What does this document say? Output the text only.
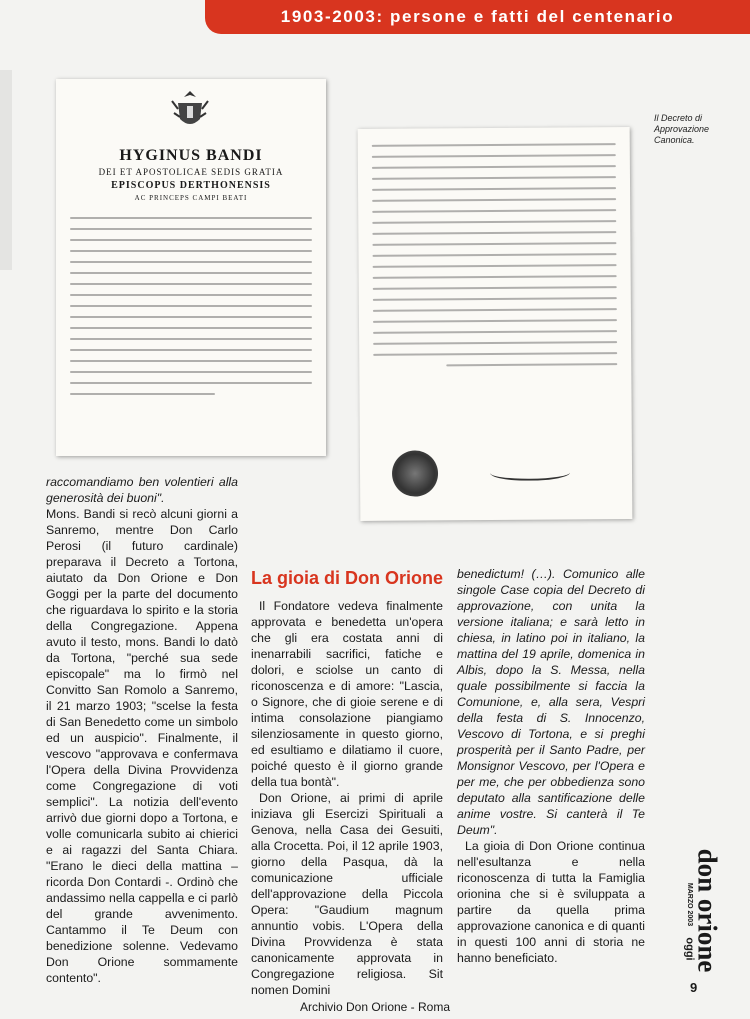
1903-2003: persone e fatti del centenario
HYGINUS BANDI
DEI ET APOSTOLICAE SEDIS GRATIA
EPISCOPUS DERTHONENSIS
AC PRINCEPS CAMPI BEATI
Il Decreto di Approvazione Canonica.

raccomandiamo ben volentieri alla generosità dei buoni".

Mons. Bandi si recò alcuni giorni a Sanremo, mentre Don Carlo Perosi (il futuro cardinale) preparava il Decreto a Tortona, aiutato da Don Orione e Don Goggi per la parte del documento che riguardava lo spirito e la storia della Congregazione. Appena avuto il testo, mons. Bandi lo datò da Tortona, "perché sua sede episcopale" ma lo firmò nel Convitto San Romolo a Sanremo, il 21 marzo 1903; "scelse la festa di San Benedetto come un simbolo ed un auspicio". Finalmente, il vescovo "approvava e confermava l'Opera della Divina Provvidenza come Congregazione di voti semplici". La notizia dell'evento arrivò due giorni dopo a Tortona, e volle comunicarla subito ai chierici e ai ragazzi del Santa Chiara. "Erano le dieci della mattina – ricorda Don Contardi -. Ordinò che andassimo nella cappella e ci parlò del grande avvenimento. Cantammo il Te Deum con benedizione solenne. Vedevamo Don Orione sommamente contento".

La gioia di Don Orione

Il Fondatore vedeva finalmente approvata e benedetta un'opera che gli era costata anni di inenarrabili sacrifici, fatiche e dolori, e sciolse un canto di riconoscenza e di amore: "Lascia, o Signore, che di gioie serene e di intima consolazione piangiamo silenziosamente in questo giorno, ed esultiamo e dilatiamo il cuore, poiché questo è il giorno grande della tua bontà".

Don Orione, ai primi di aprile iniziava gli Esercizi Spirituali a Genova, nella Casa dei Gesuiti, alla Crocetta. Poi, il 12 aprile 1903, giorno della Pasqua, dà la comunicazione ufficiale dell'approvazione della Piccola Opera: "Gaudium magnum annuntio vobis. L'Opera della Divina Provvidenza è stata canonicamente approvata in Congregazione religiosa. Sit nomen Domini

benedictum! (…). Comunico alle singole Case copia del Decreto di approvazione, con unita la versione italiana; e sarà letto in chiesa, in latino poi in italiano, la mattina del 19 aprile, domenica in Albis, dopo la S. Messa, nella quale possibilmente si faccia la Comunione, e, alla sera, Vespri della festa di S. Innocenzo, Vescovo di Tortona, e si preghi prosperità per il Santo Padre, per Monsignor Vescovo, per l'Opera e per me, che per obbedienza sono deputato alla santificazione delle anime vostre. Si canterà il Te Deum".

La gioia di Don Orione continua nell'esultanza e nella riconoscenza di tutta la Famiglia orionina che si è sviluppata a partire da quella prima approvazione canonica e di quanti in questi 100 anni di storia ne hanno beneficiato.	don orione
MARZO 2003
oggi
9
Archivio Don Orione - Roma
